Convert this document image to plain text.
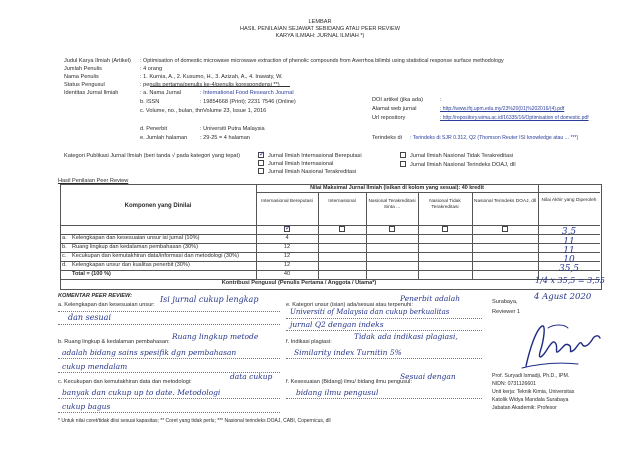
LEMBAR
HASIL PENILAIAN SEJAWAT SEBIDANG ATAU PEER REVIEW
KARYA ILMIAH: JURNAL ILMIAH *)
Judul Karya Ilmiah (Artikel) : Optimisation of domestic microwave microwave extraction of phenolic compounds from Averrhoa bilimbi using statistical response surface methodology
Jumlah Penulis	: 4 orang
Nama Penulis	: 1. Kurnia, A., 2. Kusumo, H., 3. Azizah, A., 4. Irawaty, W.
Status Pengusul	: penulis pertama/penulis ke-4/penulis korespondensi **)
Identitas Jurnal Ilmiah	: a. Nama Jurnal	: International Food Research Journal
b. ISSN	: 19854668 (Print); 2231 7546 (Online)
c. Volume, no., bulan, thn
: Volume 23, Issue 1, 2016
d. Penerbit	: Universiti Putra Malaysia
e. Jumlah halaman : 29-25 = 4 halaman
DOI artikel (jika ada)	:
Alamat web jurnal	: http://www.ifrj.upm.edu.my/23%20(01)%202016/(4).pdf
Url repository	: http://repository.wima.ac.id/16335/16/Optimisation of domestic.pdf
Terindeks di : Terindeks di SJR 0.312, Q2 (Thomson Reuter ISI knowledge atau ... ***)
Kategori Publikasi Jurnal Ilmiah (beri tanda √ pada kategori yang tepat)
✓	Jurnal Ilmiah Internasional Bereputasi
Jurnal Ilmiah Internasional
Jurnal Ilmiah Nasional Terakreditasi
Jurnal Ilmiah Nasional Tidak Terakreditasi
Jurnal Ilmiah Nasional Terindeks DOAJ, dll
Hasil Penilaian Peer Review
Komponen yang Dinilai
Nilai Maksimal Jurnal Ilmiah (isikan di kolom yang sesuai): 40 kredit
Internasional Bereputasi	Internasional	Nasional Terakreditasi Sinta ...
Nasional Tidak Terakreditasi
Nasional Terindeks DOAJ, dll	Nilai Akhir yang Diperoleh
✓
a. Kelengkapan dan kesesuaian unsur isi jurnal (10%)	4
3,5
b. Ruang lingkup dan kedalaman pembahasan (30%)	12	11
c. Kecukupan dan kemutakhiran data/informasi dan metodologi (30%)	12	11
d. Kelengkapan unsur dan kualitas penerbit (30%)	12	10
Total = (100 %)	40	35,5
Kontribusi Pengusul (Penulis Pertama / Anggota / Utama*)	1/4 x 35,5 = 3,55
KOMENTAR PEER REVIEW:
a. Kelengkapan dan kesesuaian unsur:
Isi jurnal cukup lengkap
dan sesuai
e. Kategori unsur (isian) ada/sesuai atau terpenuhi:
Penerbit adalah
Universiti of Malaysia dan cukup berkualitas
jurnal Q2 dengan indeks
b. Ruang lingkup & kedalaman pembahasan:
Ruang lingkup metode
adalah bidang sains spesifik dgn pembahasan
cukup mendalam
f. Indikasi plagiasi:
Tidak ada indikasi plagiasi,
Similarity index Turnitin 5%
c. Kecukupan dan kemutakhiran data dan metodologi:
data cukup
banyak dan cukup up to date. Metodologi
cukup bagus
f. Kesesuaian (Bidang) ilmu/ bidang ilmu pengusul:
Sesuai dengan
bidang ilmu pengusul
Surabaya, 4 Agust 2020
Reviewer 1
Prof. Suryadi Ismadji, Ph.D., IPM.
NIDN: 0731126601
Unit kerja: Teknik Kimia, Universitas
Katolik Widya Mandala Surabaya
Jabatan Akademik: Profesor
* Untuk nilai coret/tidak diisi sesuai kapasitas; ** Coret yang tidak perlu; *** Nasional terindeks DOAJ, CABI, Copernicus, dll
